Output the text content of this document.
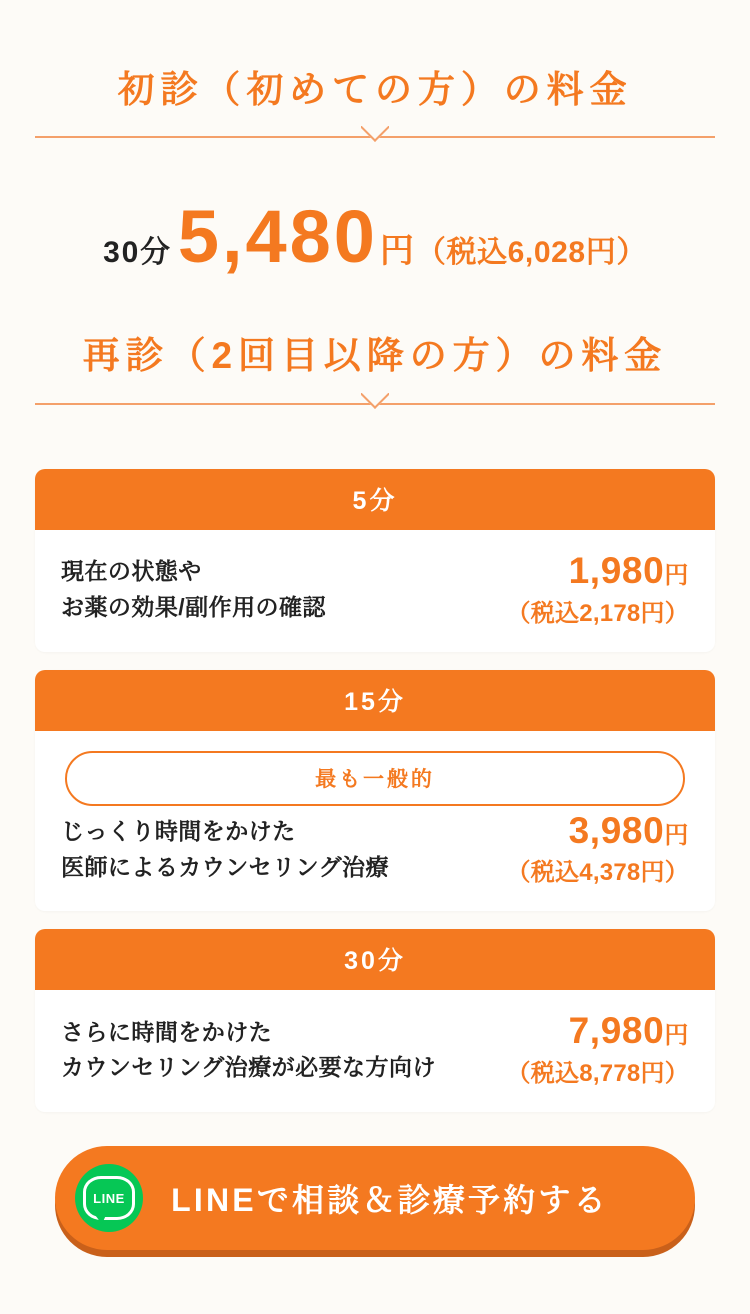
初診（初めての方）の料金
30分 5,480 円 （税込6,028円）
再診（2回目以降の方）の料金
5分
現在の状態や
お薬の効果/副作用の確認
1,980円
（税込2,178円）
15分
最も一般的
じっくり時間をかけた
医師によるカウンセリング治療
3,980円
（税込4,378円）
30分
さらに時間をかけた
カウンセリング治療が必要な方向け
7,980円
（税込8,778円）
LINE	LINEで相談＆診療予約する
